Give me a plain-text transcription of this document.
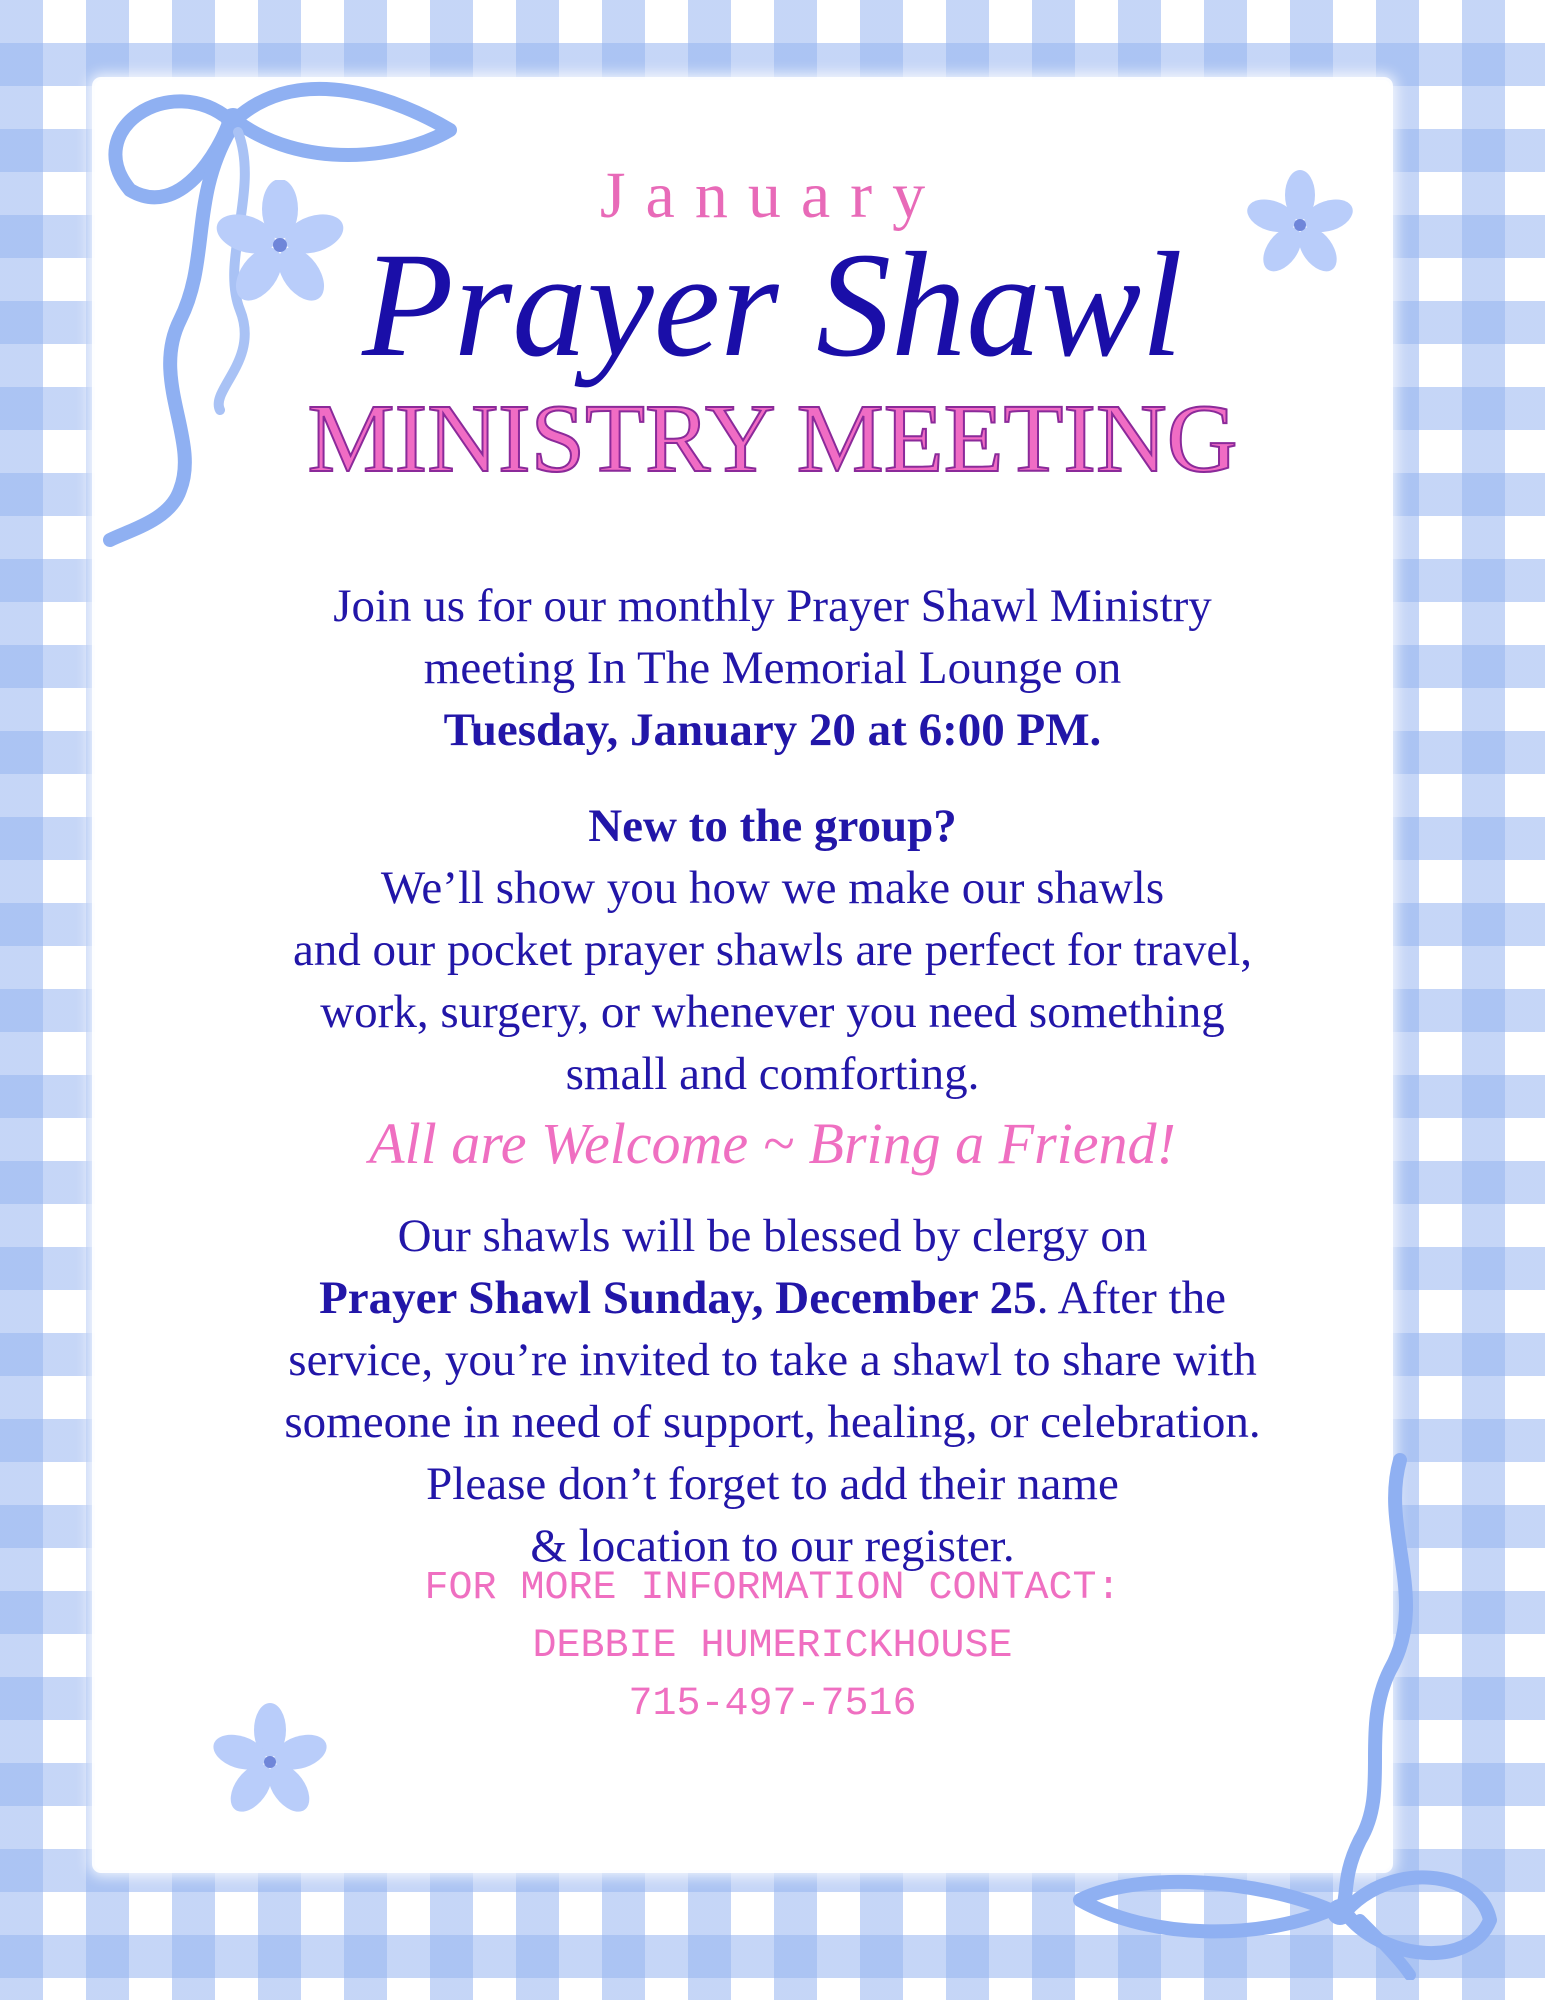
January
Prayer Shawl
MINISTRY MEETING
Join us for our monthly Prayer Shawl Ministry
meeting In The Memorial Lounge on
Tuesday, January 20 at 6:00 PM.
New to the group?
We’ll show you how we make our shawls
and our pocket prayer shawls are perfect for travel,
work, surgery, or whenever you need something
small and comforting.
All are Welcome ~ Bring a Friend!
Our shawls will be blessed by clergy on
Prayer Shawl Sunday, December 25. After the
service, you’re invited to take a shawl to share with
someone in need of support, healing, or celebration.
Please don’t forget to add their name
& location to our register.
FOR MORE INFORMATION CONTACT:
DEBBIE HUMERICKHOUSE
715-497-7516
